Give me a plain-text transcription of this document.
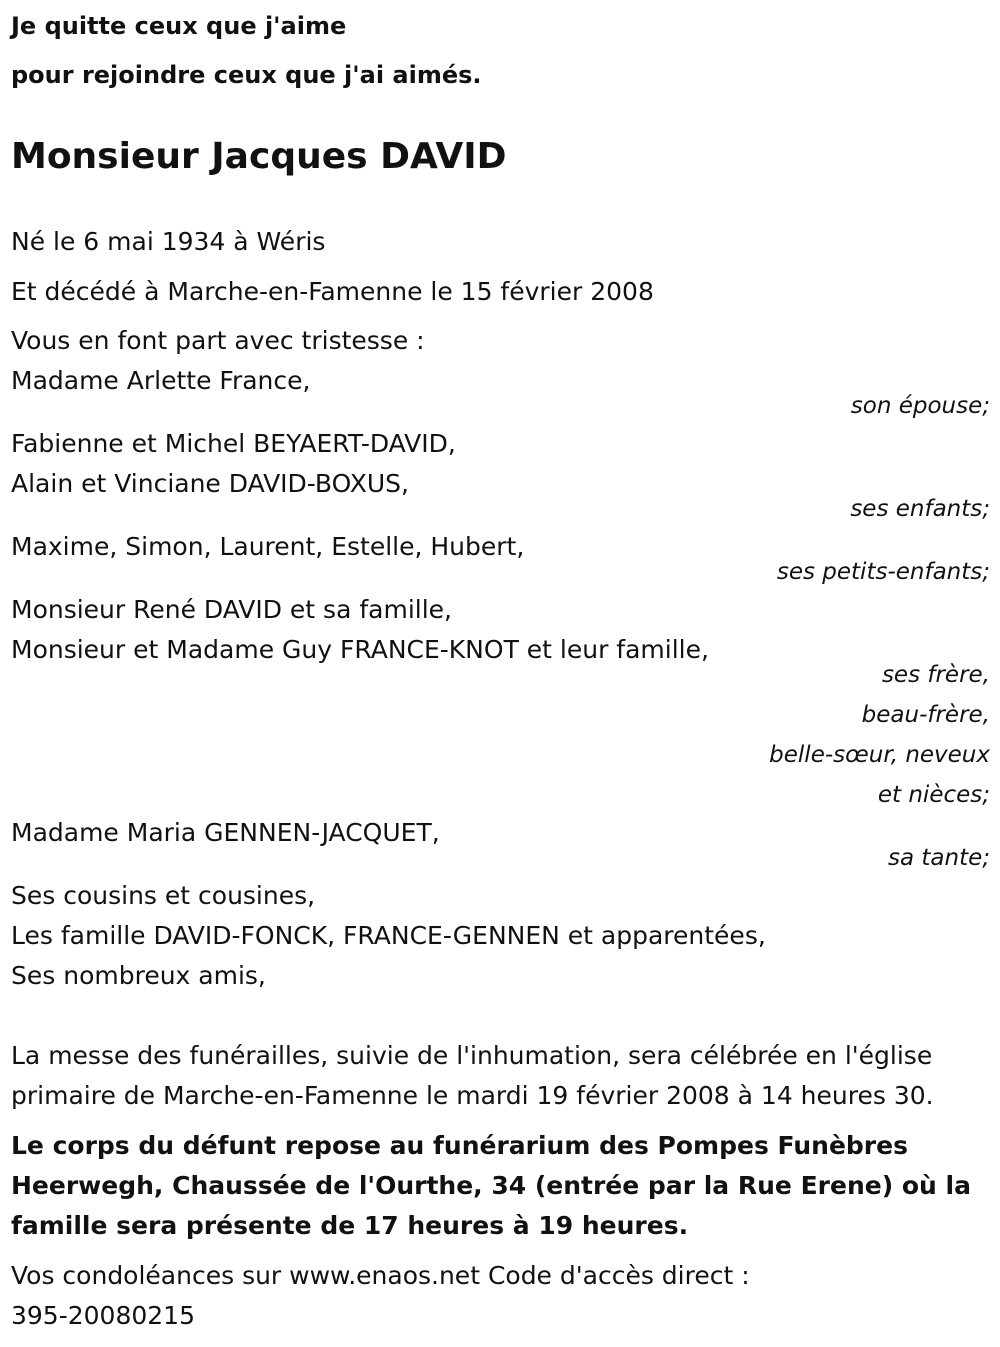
Je quitte ceux que j'aime
pour rejoindre ceux que j'ai aimés.
Monsieur Jacques DAVID
Né le 6 mai 1934 à Wéris
Et décédé à Marche-en-Famenne le 15 février 2008
Vous en font part avec tristesse :
Madame Arlette France,
son épouse;
Fabienne et Michel BEYAERT-DAVID,
Alain et Vinciane DAVID-BOXUS,
ses enfants;
Maxime, Simon, Laurent, Estelle, Hubert,
ses petits-enfants;
Monsieur René DAVID et sa famille,
Monsieur et Madame Guy FRANCE-KNOT et leur famille,
ses frère,
beau-frère,
belle-sœur, neveux
et nièces;
Madame Maria GENNEN-JACQUET,
sa tante;
Ses cousins et cousines,
Les famille DAVID-FONCK, FRANCE-GENNEN et apparentées,
Ses nombreux amis,
La messe des funérailles, suivie de l'inhumation, sera célébrée en l'église
primaire de Marche-en-Famenne le mardi 19 février 2008 à 14 heures 30.
Le corps du défunt repose au funérarium des Pompes Funèbres
Heerwegh, Chaussée de l'Ourthe, 34 (entrée par la Rue Erene) où la
famille sera présente de 17 heures à 19 heures.
Vos condoléances sur www.enaos.net Code d'accès direct :
395-20080215
